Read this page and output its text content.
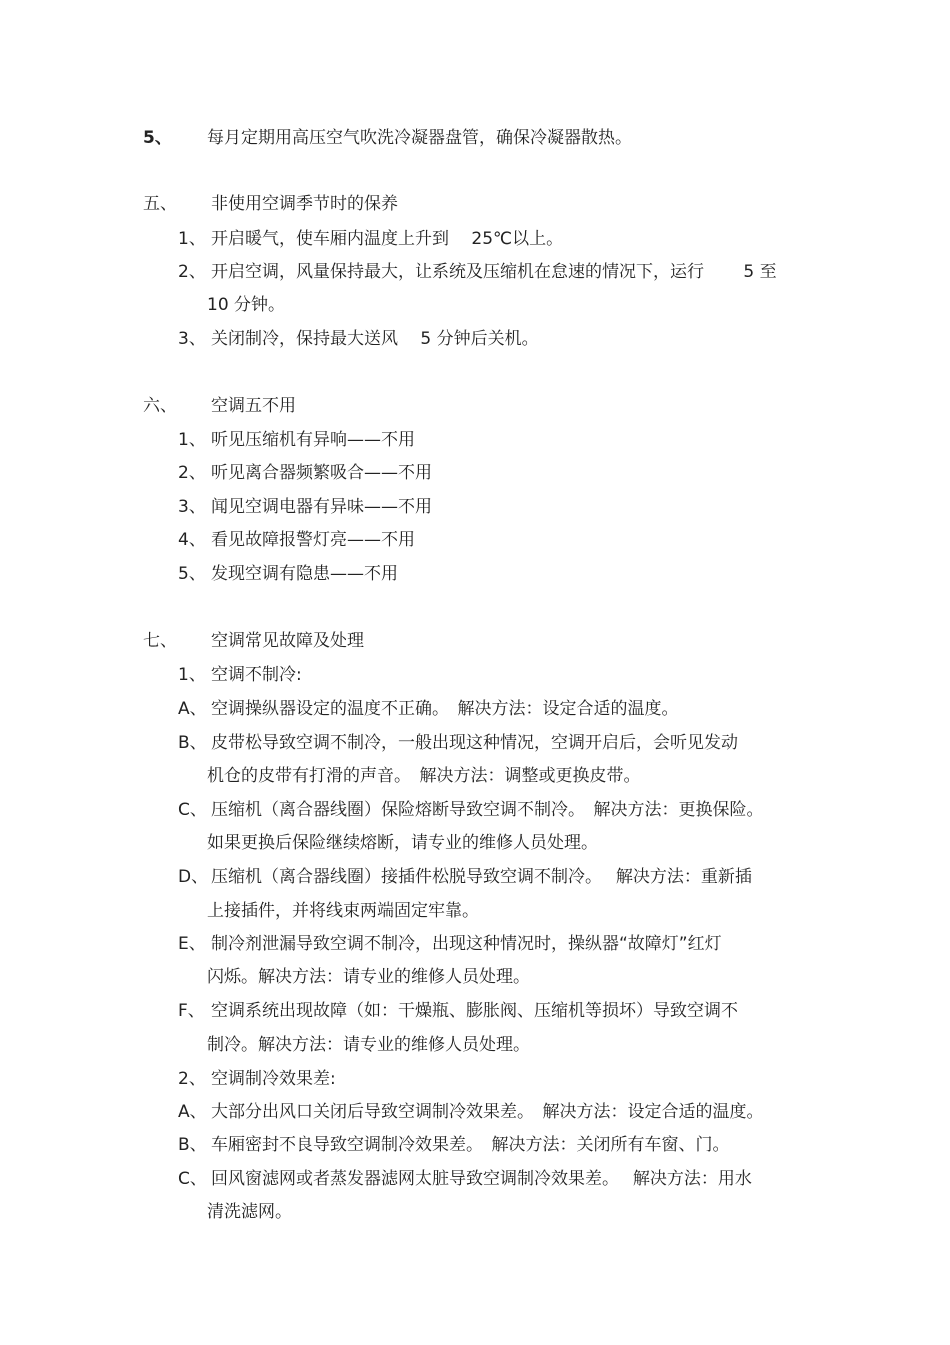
5、 每月定期用高压空气吹洗冷凝器盘管，确保冷凝器散热。
五、 非使用空调季节时的保养
1、 开启暖气，使车厢内温度上升到　 25℃以上。
2、 开启空调，风量保持最大，让系统及压缩机在怠速的情况下，运行　　 5 至
10 分钟。
3、 关闭制冷，保持最大送风　 5 分钟后关机。
六、 空调五不用
1、 听见压缩机有异响——不用
2、 听见离合器频繁吸合——不用
3、 闻见空调电器有异味——不用
4、 看见故障报警灯亮——不用
5、 发现空调有隐患——不用
七、 空调常见故障及处理
1、 空调不制冷:
A、 空调操纵器设定的温度不正确。　解决方法：设定合适的温度。
B、 皮带松导致空调不制冷，一般出现这种情况，空调开启后，会听见发动
机仓的皮带有打滑的声音。　解决方法：调整或更换皮带。
C、 压缩机（离合器线圈）保险熔断导致空调不制冷。　解决方法：更换保险。
如果更换后保险继续熔断，请专业的维修人员处理。
D、 压缩机（离合器线圈）接插件松脱导致空调不制冷。　 解决方法：重新插
上接插件，并将线束两端固定牢靠。
E、 制冷剂泄漏导致空调不制冷，出现这种情况时，操纵器“故障灯”红灯
闪烁。解决方法：请专业的维修人员处理。
F、 空调系统出现故障（如：干燥瓶、膨胀阀、压缩机等损坏）导致空调不
制冷。解决方法：请专业的维修人员处理。
2、 空调制冷效果差:
A、 大部分出风口关闭后导致空调制冷效果差。　解决方法：设定合适的温度。
B、 车厢密封不良导致空调制冷效果差。　解决方法：关闭所有车窗、门。
C、 回风窗滤网或者蒸发器滤网太脏导致空调制冷效果差。　 解决方法：用水
清洗滤网。
